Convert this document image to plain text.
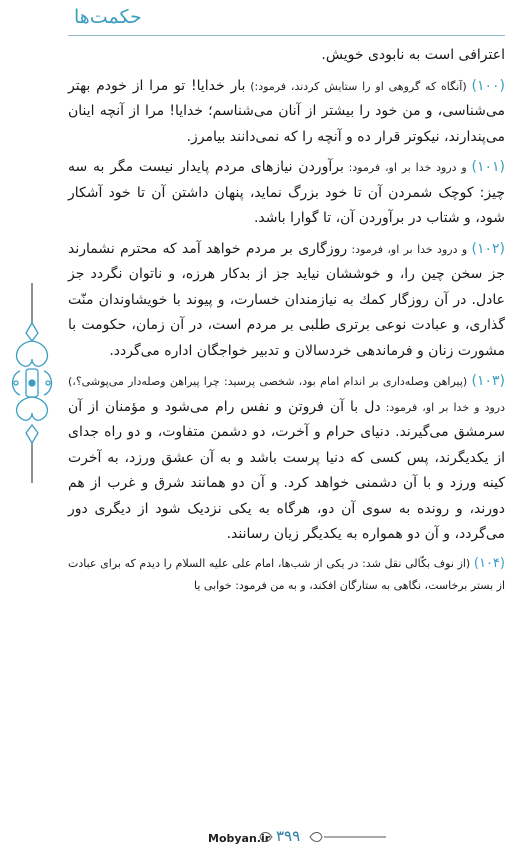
حکمت‌ها

اعترافی است به نابودی خویش.

(۱۰۰) (آنگاه که گروهی او را ستایش کردند، فرمود:) بار خدایا! تو مرا از خودم بهتر می‌شناسی، و من خود را بیشتر از آنان می‌شناسم؛ خدایا! مرا از آنچه اینان می‌پندارند، نیکوتر قرار ده و آنچه را که نمی‌دانند بیامرز.

(۱۰۱) و درود خدا بر او، فرمود: برآوردن نیازهای مردم پایدار نیست مگر به سه چیز: کوچک شمردن آن تا خود بزرگ نماید، پنهان داشتن آن تا خود آشکار شود، و شتاب در برآوردن آن، تا گوارا باشد.

(۱۰۲) و درود خدا بر او، فرمود: روزگاری بر مردم خواهد آمد که محترم نشمارند جز سخن چین را، و خوششان نیاید جز از بدکار هرزه، و ناتوان نگردد جز عادل. در آن روزگار کمك به نیازمندان خسارت، و پیوند با خویشاوندان منّت گذاری، و عبادت نوعی برتری طلبی بر مردم است، در آن زمان، حکومت با مشورت زنان و فرماندهی خردسالان و تدبیر خواجگان اداره می‌گردد.

(۱۰۳) (پیراهن وصله‌داری بر اندام امام بود، شخصی پرسید: چرا پیراهن وصله‌دار می‌پوشی؟،) درود و خدا بر او، فرمود: دل با آن فروتن و نفس رام می‌شود و مؤمنان از آن سرمشق می‌گیرند. دنیای حرام و آخرت، دو دشمن متفاوت، و دو راه جدای از یکدیگرند، پس کسی که دنیا پرست باشد و به آن عشق ورزد، به آخرت کینه ورزد و با آن دشمنی خواهد کرد. و آن دو همانند شرق و غرب از هم دورند، و رونده به سوی آن دو، هرگاه به یکی نزدیک شود از دیگری دور می‌گردد، و آن دو همواره به یکدیگر زیان رسانند.

(۱۰۴) (از نوف بکّالی نقل شد: در یکی از شب‌ها، امام علی علیه السلام را دیدم که برای عبادت از بستر برخاست، نگاهی به ستارگان افکند، و به من فرمود: خوابی یا

Mobyan.ir ۳۹۹
